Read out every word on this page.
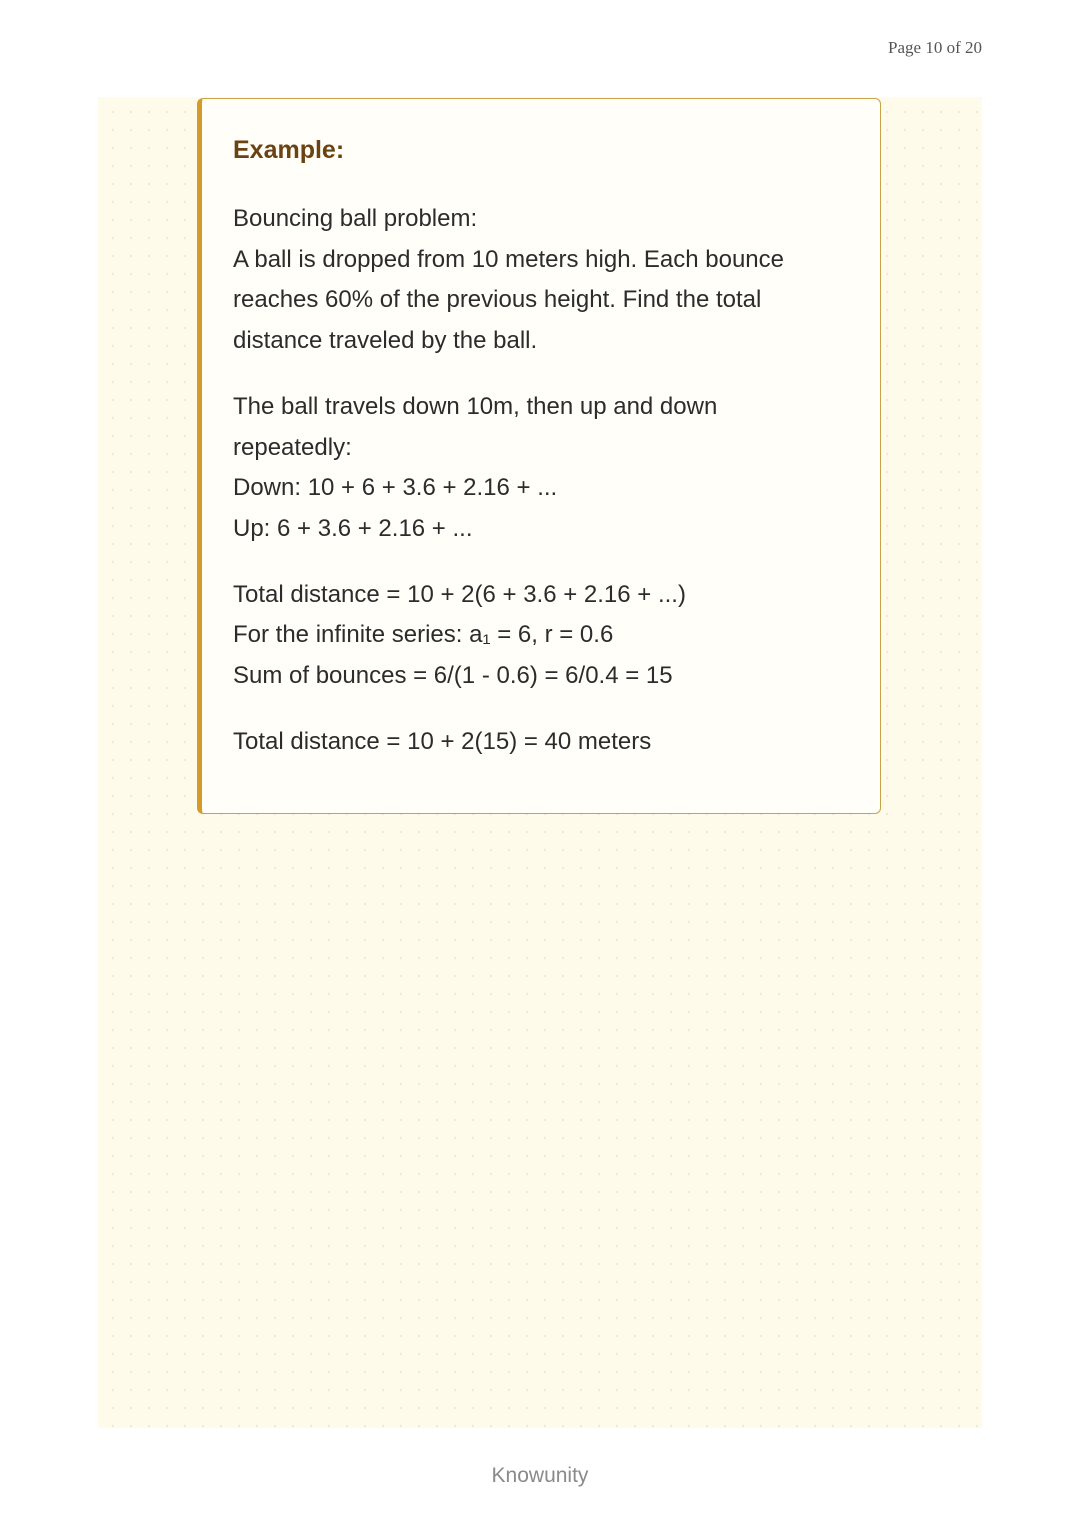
Page 10 of 20
Example:
Bouncing ball problem:
A ball is dropped from 10 meters high. Each bounce
reaches 60% of the previous height. Find the total
distance traveled by the ball.
The ball travels down 10m, then up and down
repeatedly:
Down: 10 + 6 + 3.6 + 2.16 + ...
Up: 6 + 3.6 + 2.16 + ...
Total distance = 10 + 2(6 + 3.6 + 2.16 + ...)
For the infinite series: a₁ = 6, r = 0.6
Sum of bounces = 6/(1 - 0.6) = 6/0.4 = 15
Total distance = 10 + 2(15) = 40 meters
Knowunity
